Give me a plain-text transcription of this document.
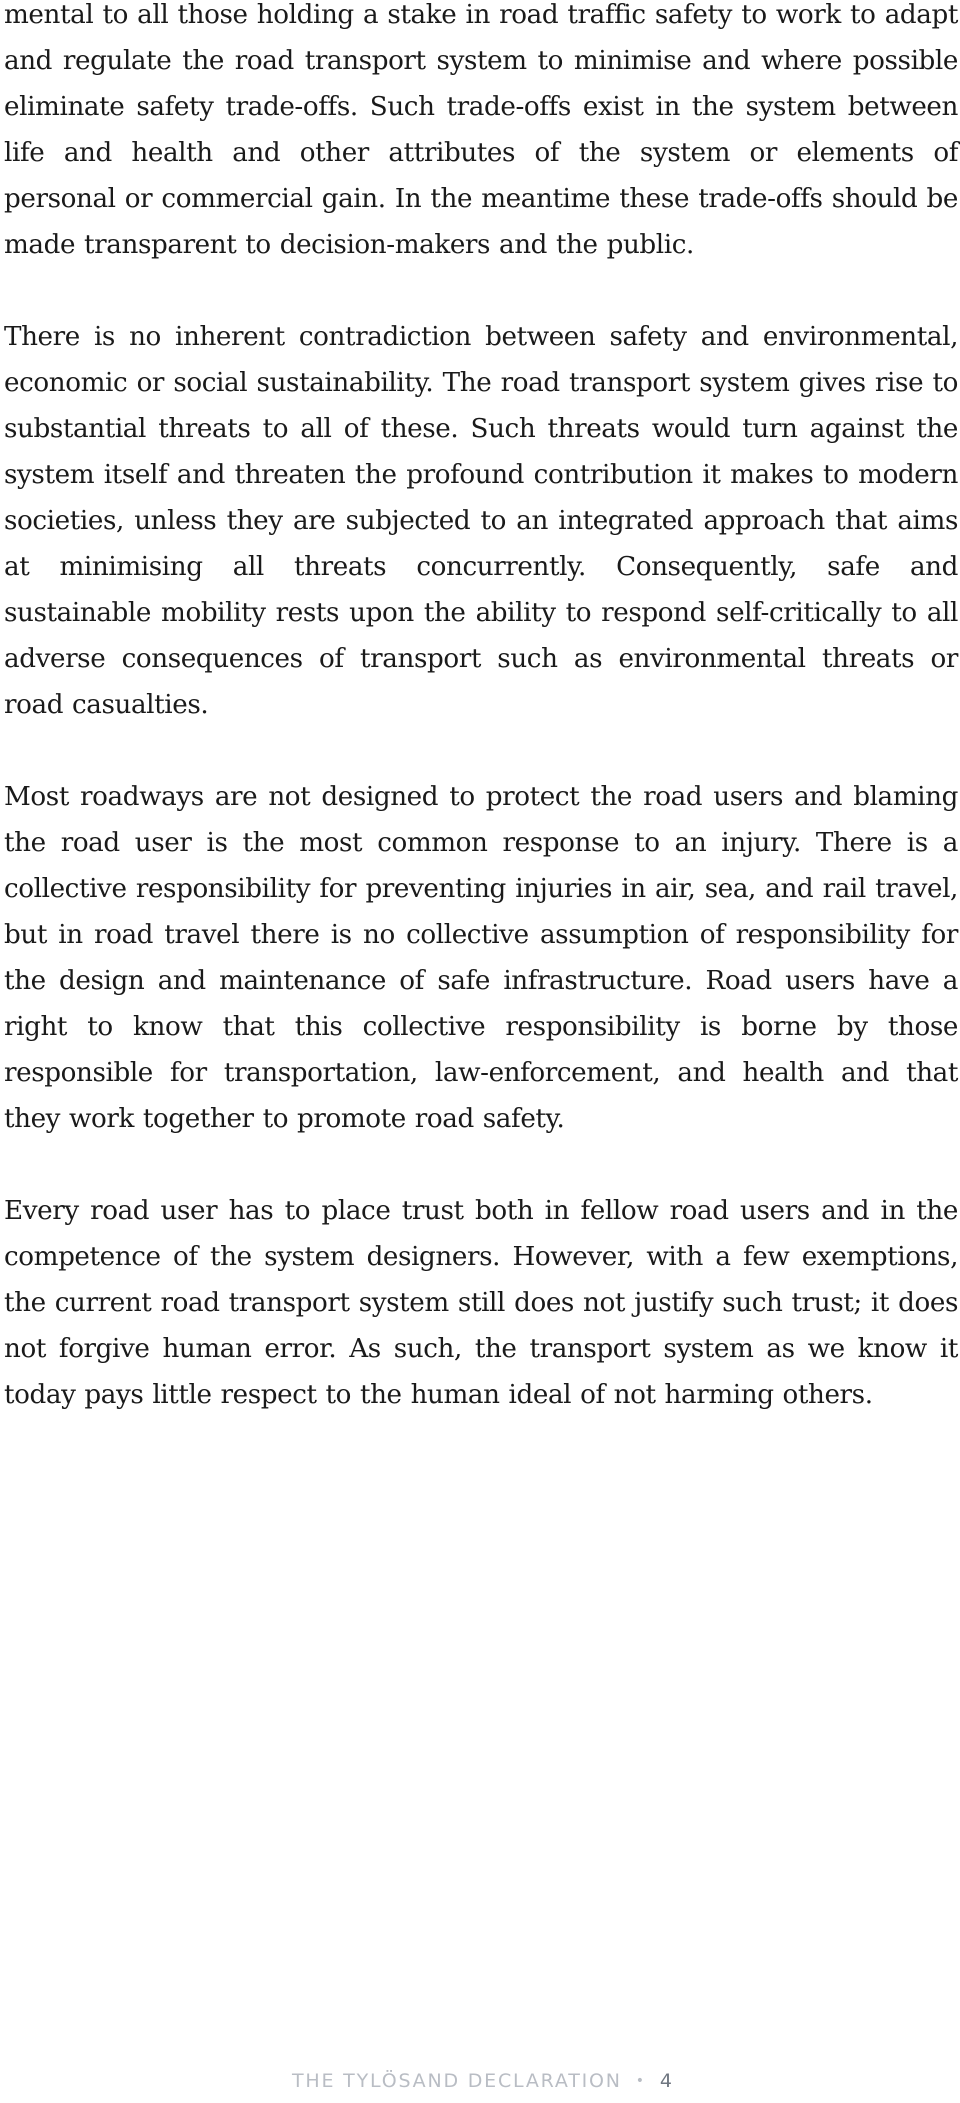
mental to all those holding a stake in road traffic safety to work to adapt and regulate the road transport system to minimise and where possible eliminate safety trade-offs. Such trade-offs exist in the system between life and health and other attributes of the system or elements of personal or commercial gain. In the meantime these trade-offs should be made transparent to decision-makers and the public.

There is no inherent contradiction between safety and environmental, economic or social sustainability. The road transport system gives rise to substantial threats to all of these. Such threats would turn against the system itself and threaten the profound contribution it makes to modern societies, unless they are subjected to an integrated approach that aims at minimising all threats concurrently. Consequently, safe and sustainable mobility rests upon the ability to respond self-critically to all adverse consequences of transport such as environmental threats or road casualties.

Most roadways are not designed to protect the road users and blaming the road user is the most common response to an injury. There is a collective responsibility for preventing injuries in air, sea, and rail travel, but in road travel there is no collective assumption of responsibility for the design and maintenance of safe infrastructure. Road users have a right to know that this collective responsibility is borne by those responsible for transportation, law-enforcement, and health and that they work together to promote road safety.

Every road user has to place trust both in fellow road users and in the competence of the system designers. However, with a few exemptions, the current road transport system still does not justify such trust; it does not forgive human error. As such, the transport system as we know it today pays little respect to the human ideal of not harming others.

THE TYLÖSAND DECLARATION • 4
